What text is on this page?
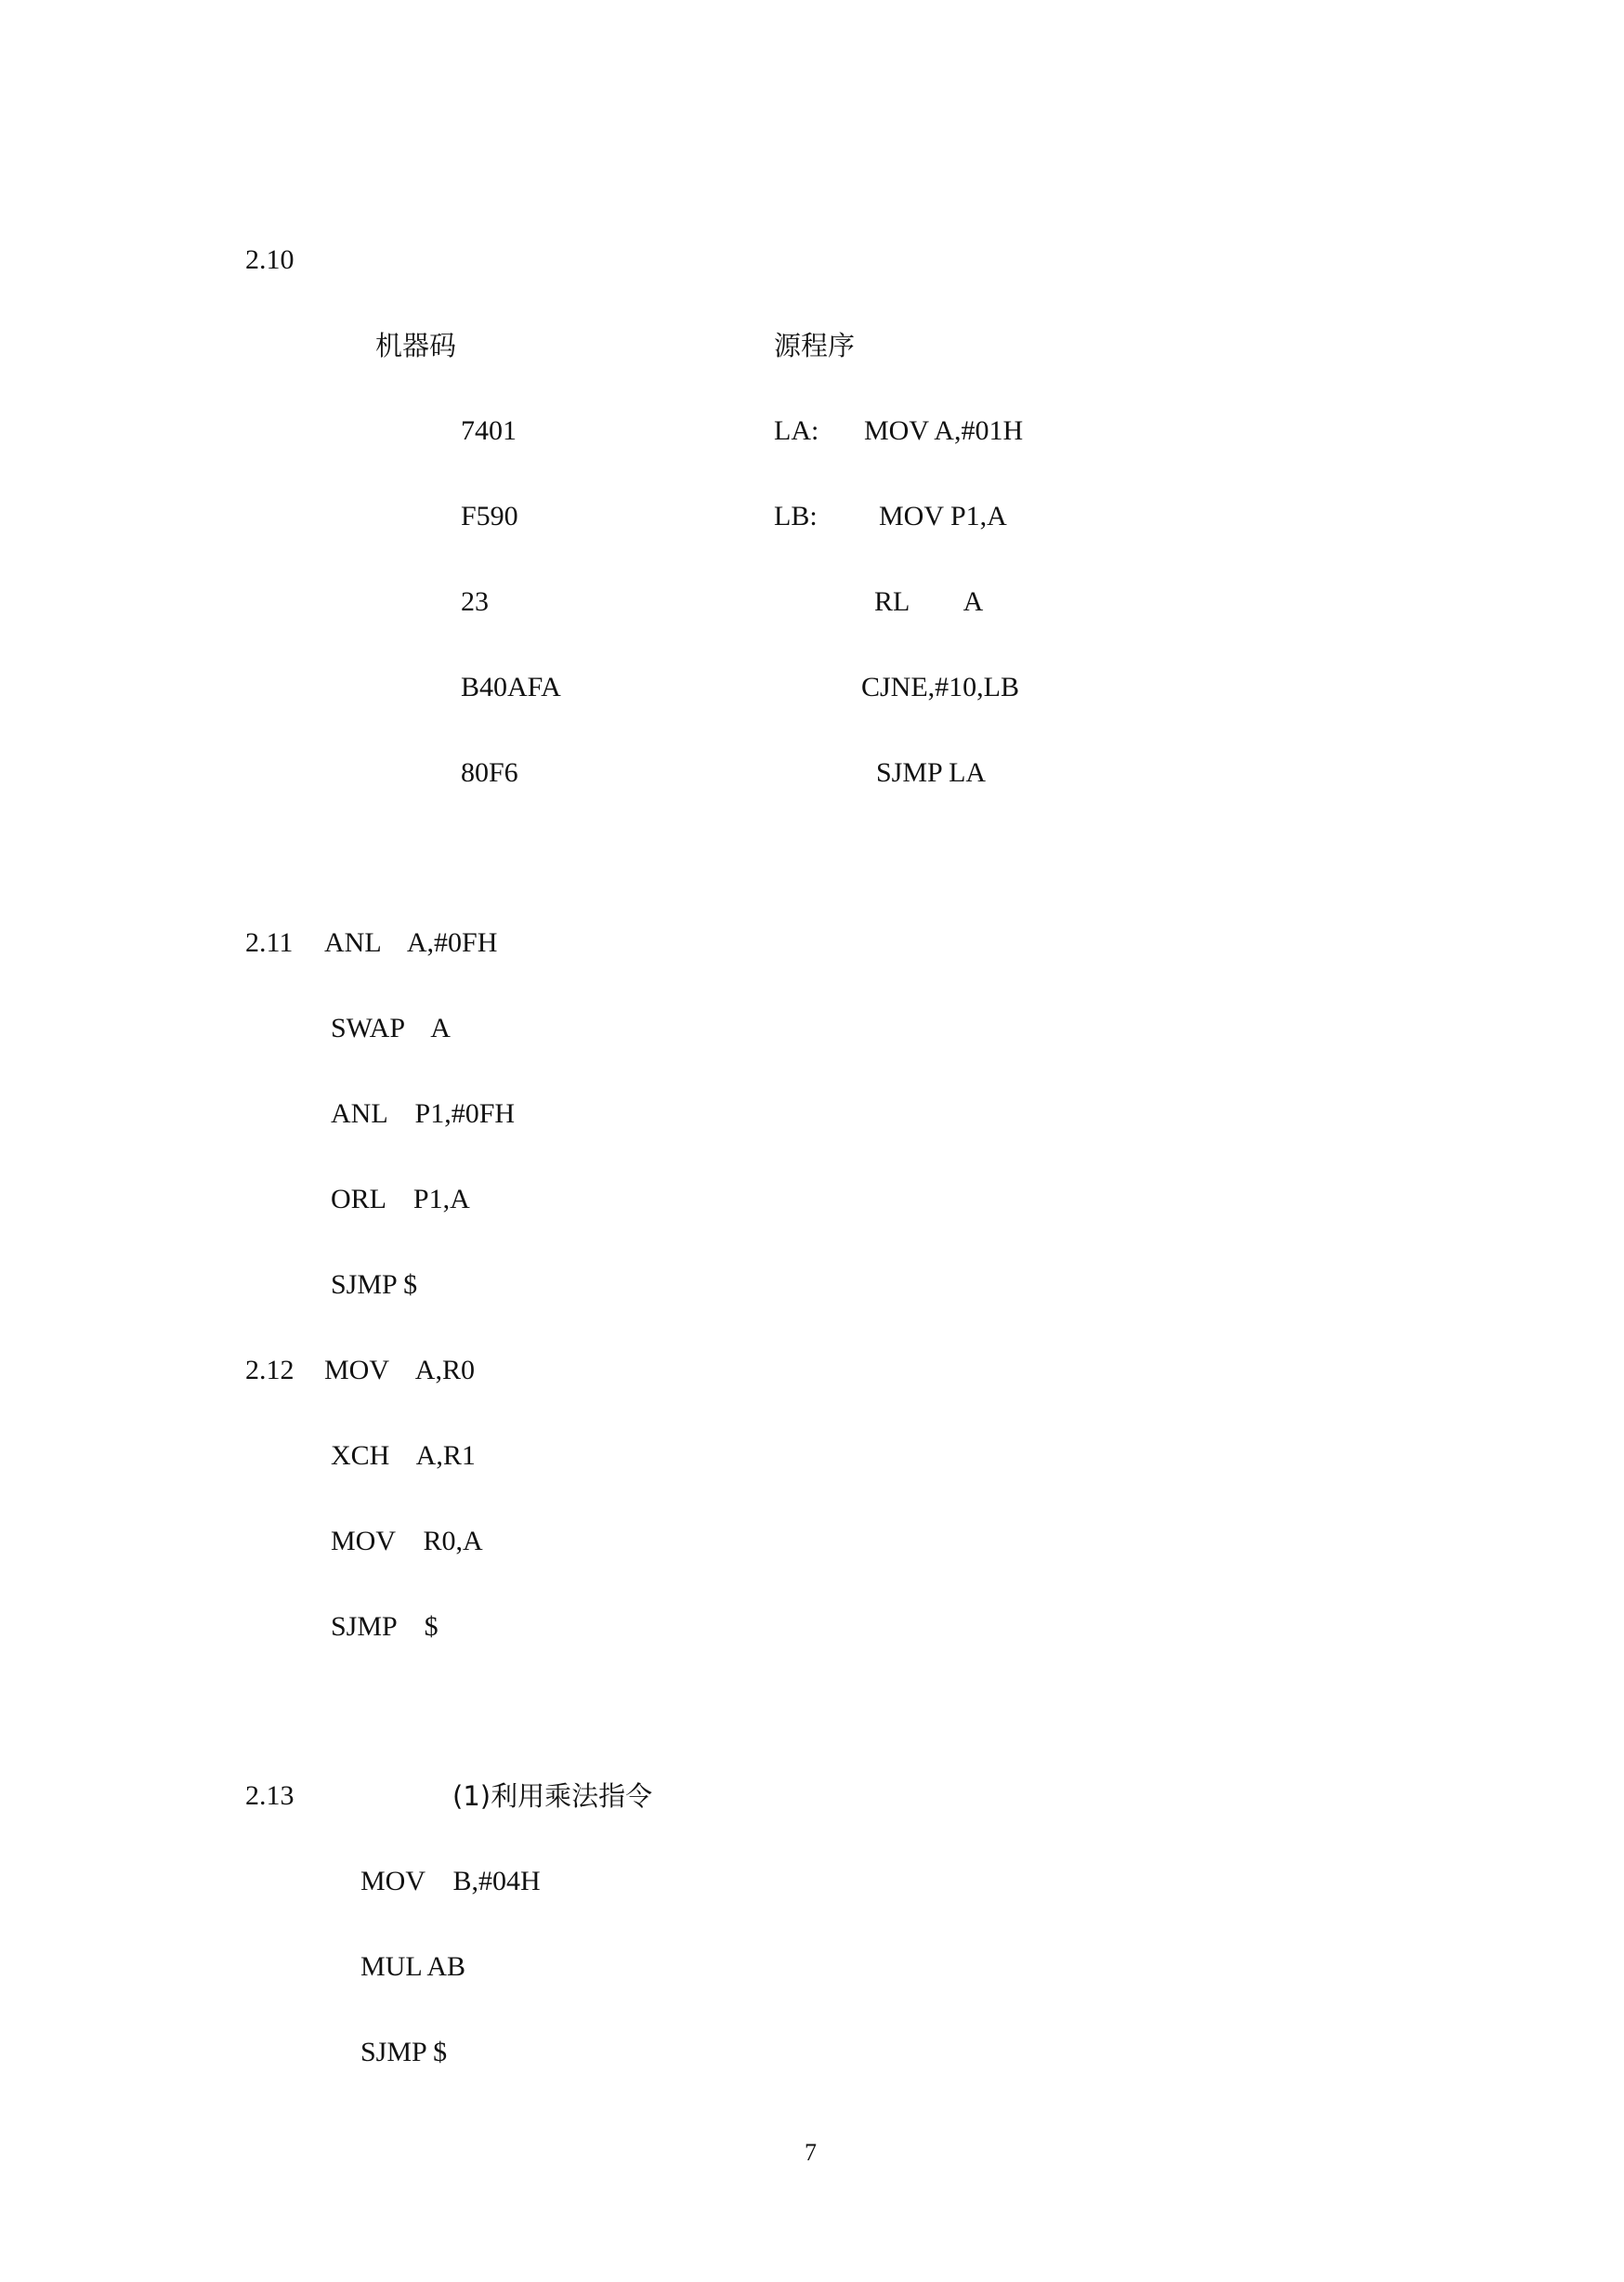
2.10
机器码	源程序
7401	LA: MOV A,#01H
F590	LB: MOV P1,A
23	RL        A
B40AFA	CJNE,#10,LB
80F6	SJMP LA
2.11 ANL    A,#0FH
SWAP    A
ANL    P1,#0FH
ORL    P1,A
SJMP $
2.12 MOV    A,R0
XCH    A,R1
MOV    R0,A
SJMP    $
2.13	(1)利用乘法指令
MOV    B,#04H
MUL AB
SJMP $
7
